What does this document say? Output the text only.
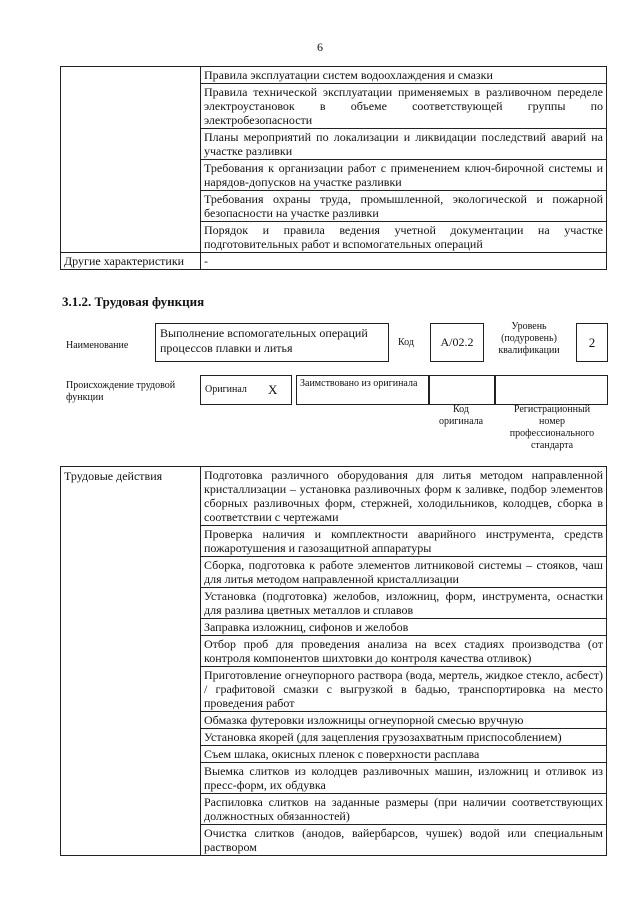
6
	Правила эксплуатации систем водоохлаждения и смазки
	Правила технической эксплуатации применяемых в разливочном переделе электроустановок в объеме соответствующей группы по электробезопасности
	Планы мероприятий по локализации и ликвидации последствий аварий на участке разливки
	Требования к организации работ с применением ключ-бирочной системы и нарядов-допусков на участке разливки
	Требования охраны труда, промышленной, экологической и пожарной безопасности на участке разливки
	Порядок и правила ведения учетной документации на участке подготовительных работ и вспомогательных операций
Другие характеристики	-
3.1.2. Трудовая функция
Наименование
Выполнение вспомогательных операций процессов плавки и литья	Код	А/02.2
Уровень (подуровень) квалификации
2
Происхождение трудовой функции
Оригинал X Заимствовано из оригинала
Код оригинала
Регистрационный номер профессионального стандарта
Трудовые действия	Подготовка различного оборудования для литья методом направленной кристаллизации – установка разливочных форм к заливке, подбор элементов сборных разливочных форм, стержней, холодильников, колодцев, сборка в соответствии с чертежами
Проверка наличия и комплектности аварийного инструмента, средств пожаротушения и газозащитной аппаратуры
Сборка, подготовка к работе элементов литниковой системы – стояков, чаш для литья методом направленной кристаллизации
Установка (подготовка) желобов, изложниц, форм, инструмента, оснастки для разлива цветных металлов и сплавов
Заправка изложниц, сифонов и желобов
Отбор проб для проведения анализа на всех стадиях производства (от контроля компонентов шихтовки до контроля качества отливок)
Приготовление огнеупорного раствора (вода, мертель, жидкое стекло, асбест) / графитовой смазки с выгрузкой в бадью, транспортировка на место проведения работ
Обмазка футеровки изложницы огнеупорной смесью вручную
Установка якорей (для зацепления грузозахватным приспособлением)
Съем шлака, окисных пленок с поверхности расплава
Выемка слитков из колодцев разливочных машин, изложниц и отливок из пресс-форм, их обдувка
Распиловка слитков на заданные размеры (при наличии соответствующих должностных обязанностей)
Очистка слитков (анодов, вайербарсов, чушек) водой или специальным раствором
